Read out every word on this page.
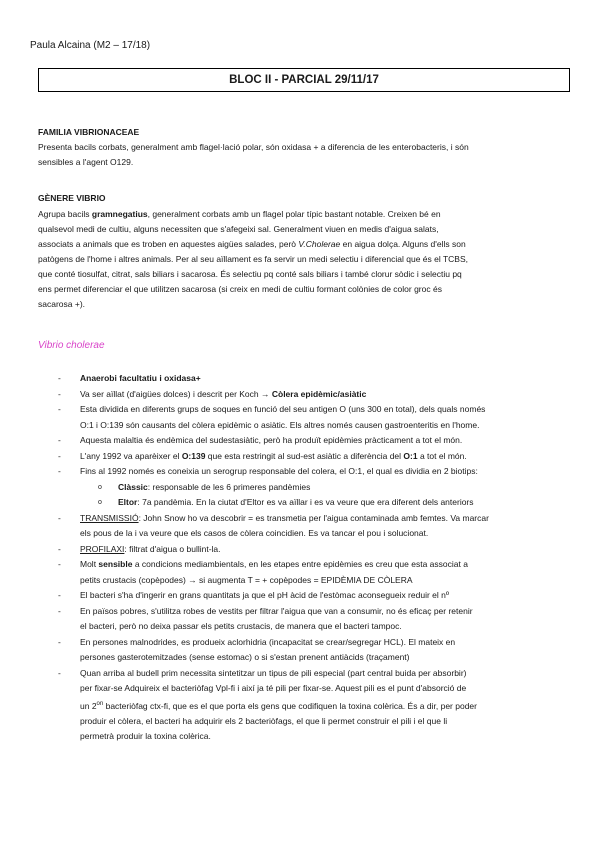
Paula Alcaina (M2 – 17/18)
BLOC II - PARCIAL 29/11/17
FAMILIA VIBRIONACEAE
Presenta bacils corbats, generalment amb flagel·lació polar, són oxidasa + a diferencia de les enterobacteris, i són
sensibles a l'agent O129.
GÈNERE VIBRIO
Agrupa bacils gramnegatius, generalment corbats amb un flagel polar típic bastant notable. Creixen bé en
qualsevol medi de cultiu, alguns necessiten que s'afegeixi sal. Generalment viuen en medis d'aigua salats,
associats a animals que es troben en aquestes aigües salades, però V.Cholerae en aigua dolça. Alguns d'ells son
patògens de l'home i altres animals. Per al seu aïllament es fa servir un medi selectiu i diferencial que és el TCBS,
que conté tiosulfat, citrat, sals biliars i sacarosa. És selectiu pq conté sals biliars i també clorur sòdic i selectiu pq
ens permet diferenciar el que utilitzen sacarosa (si creix en medi de cultiu formant colònies de color groc és
sacarosa +).
Vibrio cholerae
- Anaerobi facultatiu i oxidasa+
- Va ser aïllat (d'aigües dolces) i descrit per Koch → Còlera epidèmic/asiàtic
- Esta dividida en diferents grups de soques en funció del seu antigen O (uns 300 en total), dels quals només
O:1 i O:139 són causants del còlera epidèmic o asiàtic. Els altres només causen gastroenteritis en l'home.
- Aquesta malaltia és endèmica del sudestasiàtic, però ha produït epidèmies pràcticament a tot el món.
- L'any 1992 va aparèixer el O:139 que esta restringit al sud-est asiàtic a diferència del O:1 a tot el món.
- Fins al 1992 només es coneixia un serogrup responsable del colera, el O:1, el qual es dividia en 2 biotips:
o Clàssic: responsable de les 6 primeres pandèmies
o Eltor: 7a pandèmia. En la ciutat d'Eltor es va aïllar i es va veure que era diferent dels anteriors
- TRANSMISSIÓ: John Snow ho va descobrir = es transmetia per l'aigua contaminada amb femtes. Va marcar
els pous de la i va veure que els casos de còlera coincidien. Es va tancar el pou i solucionat.
- PROFILAXI: filtrat d'aigua o bullint-la.
- Molt sensible a condicions mediambientals, en les etapes entre epidèmies es creu que esta associat a
petits crustacis (copèpodes) → si augmenta T = + copèpodes = EPIDÈMIA DE CÒLERA
- El bacteri s'ha d'ingerir en grans quantitats ja que el pH àcid de l'estòmac aconsegueix reduir el nº
- En països pobres, s'utilitza robes de vestits per filtrar l'aigua que van a consumir, no és eficaç per retenir
el bacteri, però no deixa passar els petits crustacis, de manera que el bacteri tampoc.
- En persones malnodrides, es produeix aclorhidria (incapacitat se crear/segregar HCL). El mateix en
persones gasterotemitzades (sense estomac) o si s'estan prenent antiàcids (traçament)
- Quan arriba al budell prim necessita sintetitzar un tipus de pili especial (part central buida per absorbir)
per fixar-se Adquireix el bacteriòfag Vpl-fi i així ja té pili per fixar-se. Aquest pili es el punt d'absorció de
un $2^{on}$ bacteriòfag ctx-fi, que es el que porta els gens que codifiquen la toxina colèrica. És a dir, per poder
produir el còlera, el bacteri ha adquirir els 2 bacteriòfags, el que li permet construir el pili i el que li
permetrà produir la toxina colèrica.
